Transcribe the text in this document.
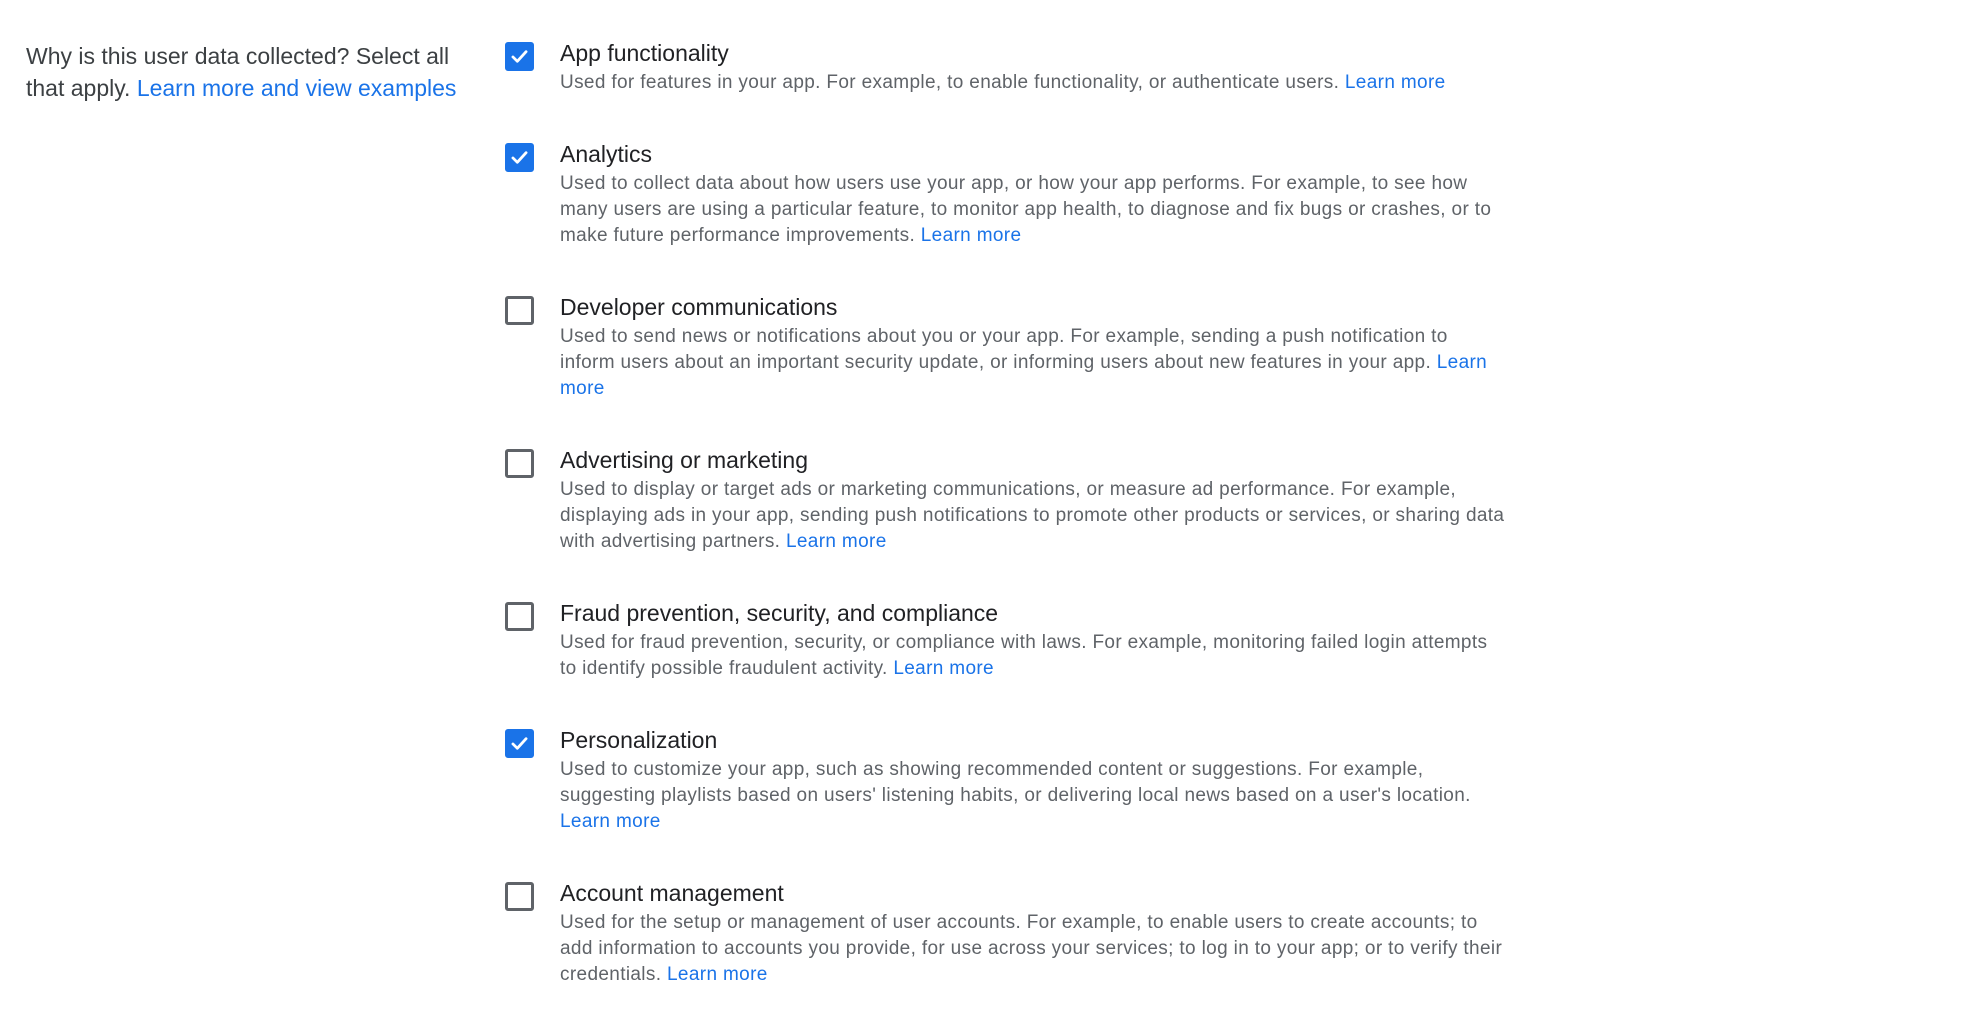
Why is this user data collected? Select all that apply. Learn more and view examples
App functionality
Used for features in your app. For example, to enable functionality, or authenticate users. Learn more
Analytics
Used to collect data about how users use your app, or how your app performs. For example, to see how many users are using a particular feature, to monitor app health, to diagnose and fix bugs or crashes, or to make future performance improvements. Learn more
Developer communications
Used to send news or notifications about you or your app. For example, sending a push notification to inform users about an important security update, or informing users about new features in your app. Learn more
Advertising or marketing
Used to display or target ads or marketing communications, or measure ad performance. For example, displaying ads in your app, sending push notifications to promote other products or services, or sharing data with advertising partners. Learn more
Fraud prevention, security, and compliance
Used for fraud prevention, security, or compliance with laws. For example, monitoring failed login attempts to identify possible fraudulent activity. Learn more
Personalization
Used to customize your app, such as showing recommended content or suggestions. For example, suggesting playlists based on users' listening habits, or delivering local news based on a user's location. Learn more
Account management
Used for the setup or management of user accounts. For example, to enable users to create accounts; to add information to accounts you provide, for use across your services; to log in to your app; or to verify their credentials. Learn more
